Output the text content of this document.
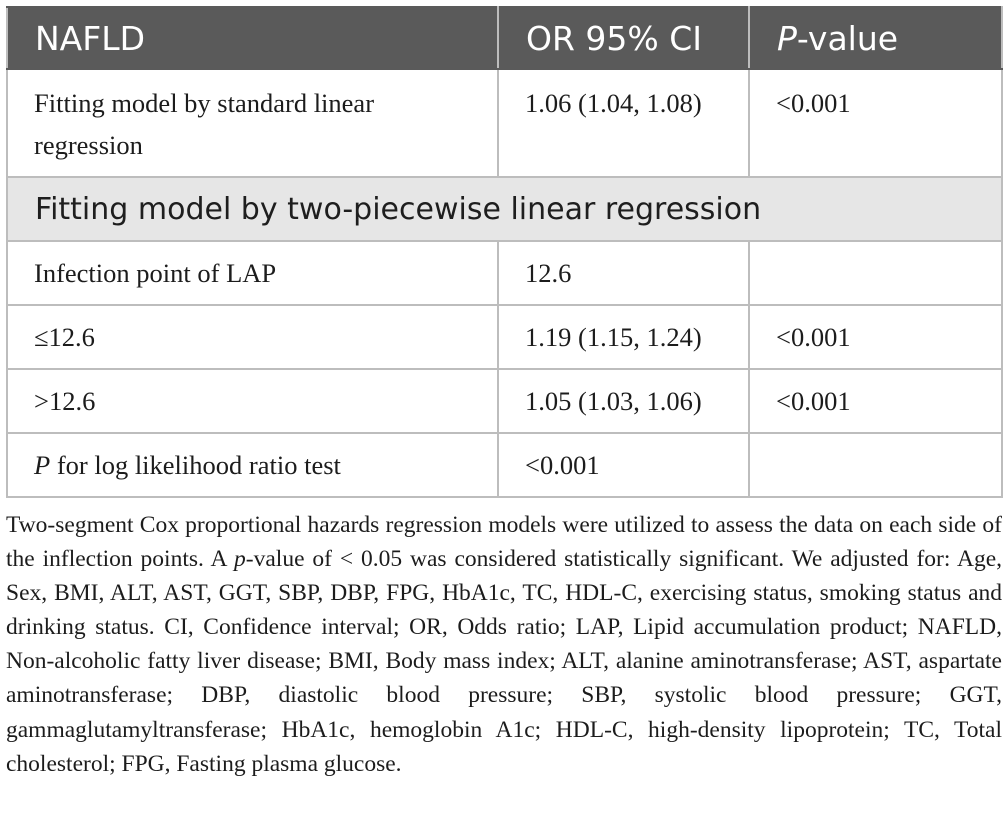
NAFLD	OR 95% CI	P-value

Fitting model by standard linear regression	1.06 (1.04, 1.08)	<0.001

Fitting model by two-piecewise linear regression		

Infection point of LAP	12.6	

≤12.6	1.19 (1.15, 1.24)	<0.001

>12.6	1.05 (1.03, 1.06)	<0.001

P for log likelihood ratio test	<0.001	

Two-segment Cox proportional hazards regression models were utilized to assess the data on each side of the inflection points. A p-value of < 0.05 was considered statistically significant. We adjusted for: Age, Sex, BMI, ALT, AST, GGT, SBP, DBP, FPG, HbA1c, TC, HDL-C, exercising status, smoking status and drinking status. CI, Confidence interval; OR, Odds ratio; LAP, Lipid accumulation product; NAFLD, Non-alcoholic fatty liver disease; BMI, Body mass index; ALT, alanine aminotransferase; AST, aspartate aminotransferase; DBP, diastolic blood pressure; SBP, systolic blood pressure; GGT, gammaglutamyltransferase; HbA1c, hemoglobin A1c; HDL-C, high-density lipoprotein; TC, Total cholesterol; FPG, Fasting plasma glucose.
